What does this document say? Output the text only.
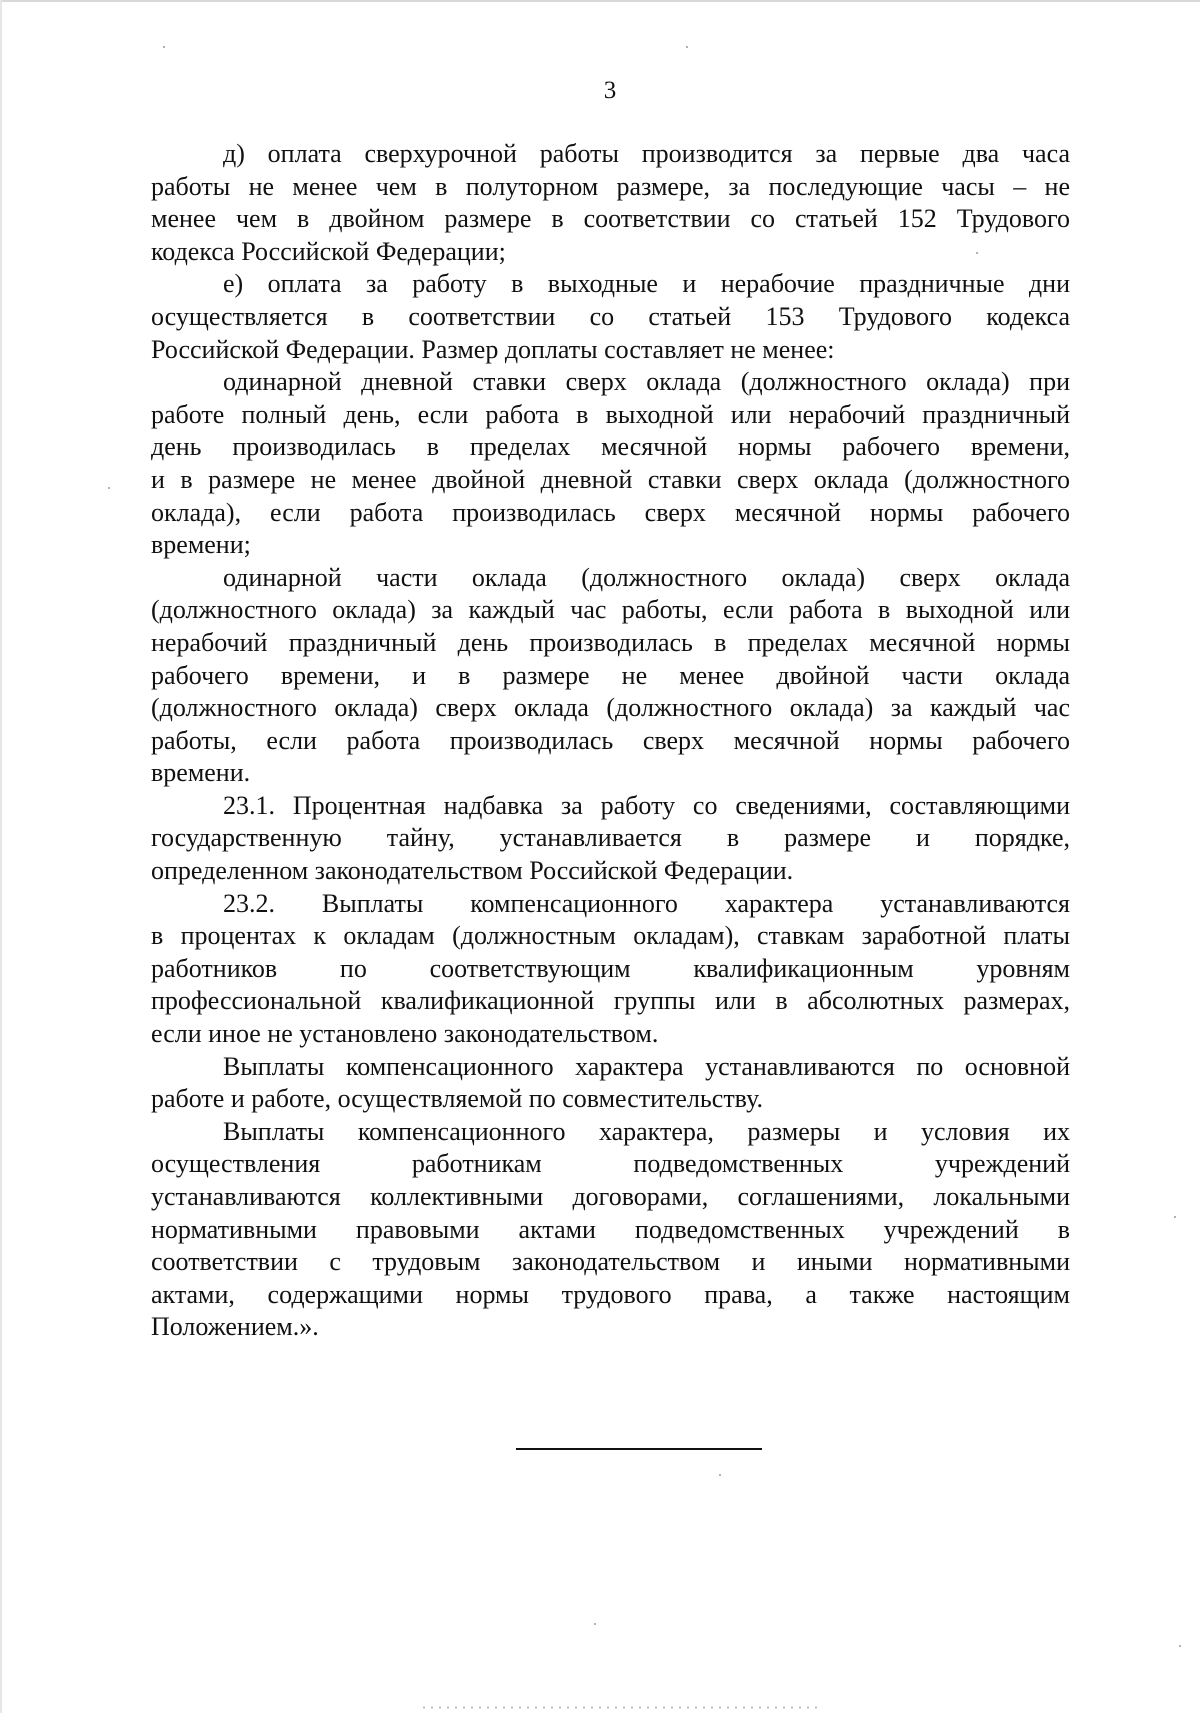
3
д) оплата сверхурочной работы производится за первые два часа
работы не менее чем в полуторном размере, за последующие часы – не
менее чем в двойном размере в соответствии со статьей 152 Трудового
кодекса Российской Федерации;
е) оплата за работу в выходные и нерабочие праздничные дни
осуществляется в соответствии со статьей 153 Трудового кодекса
Российской Федерации. Размер доплаты составляет не менее:
одинарной дневной ставки сверх оклада (должностного оклада) при
работе полный день, если работа в выходной или нерабочий праздничный
день производилась в пределах месячной нормы рабочего времени,
и в размере не менее двойной дневной ставки сверх оклада (должностного
оклада), если работа производилась сверх месячной нормы рабочего
времени;
одинарной части оклада (должностного оклада) сверх оклада
(должностного оклада) за каждый час работы, если работа в выходной или
нерабочий праздничный день производилась в пределах месячной нормы
рабочего времени, и в размере не менее двойной части оклада
(должностного оклада) сверх оклада (должностного оклада) за каждый час
работы, если работа производилась сверх месячной нормы рабочего
времени.
23.1. Процентная надбавка за работу со сведениями, составляющими
государственную тайну, устанавливается в размере и порядке,
определенном законодательством Российской Федерации.
23.2. Выплаты компенсационного характера устанавливаются
в процентах к окладам (должностным окладам), ставкам заработной платы
работников по соответствующим квалификационным уровням
профессиональной квалификационной группы или в абсолютных размерах,
если иное не установлено законодательством.
Выплаты компенсационного характера устанавливаются по основной
работе и работе, осуществляемой по совместительству.
Выплаты компенсационного характера, размеры и условия их
осуществления работникам подведомственных учреждений
устанавливаются коллективными договорами, соглашениями, локальными
нормативными правовыми актами подведомственных учреждений в
соответствии с трудовым законодательством и иными нормативными
актами, содержащими нормы трудового права, а также настоящим
Положением.».
